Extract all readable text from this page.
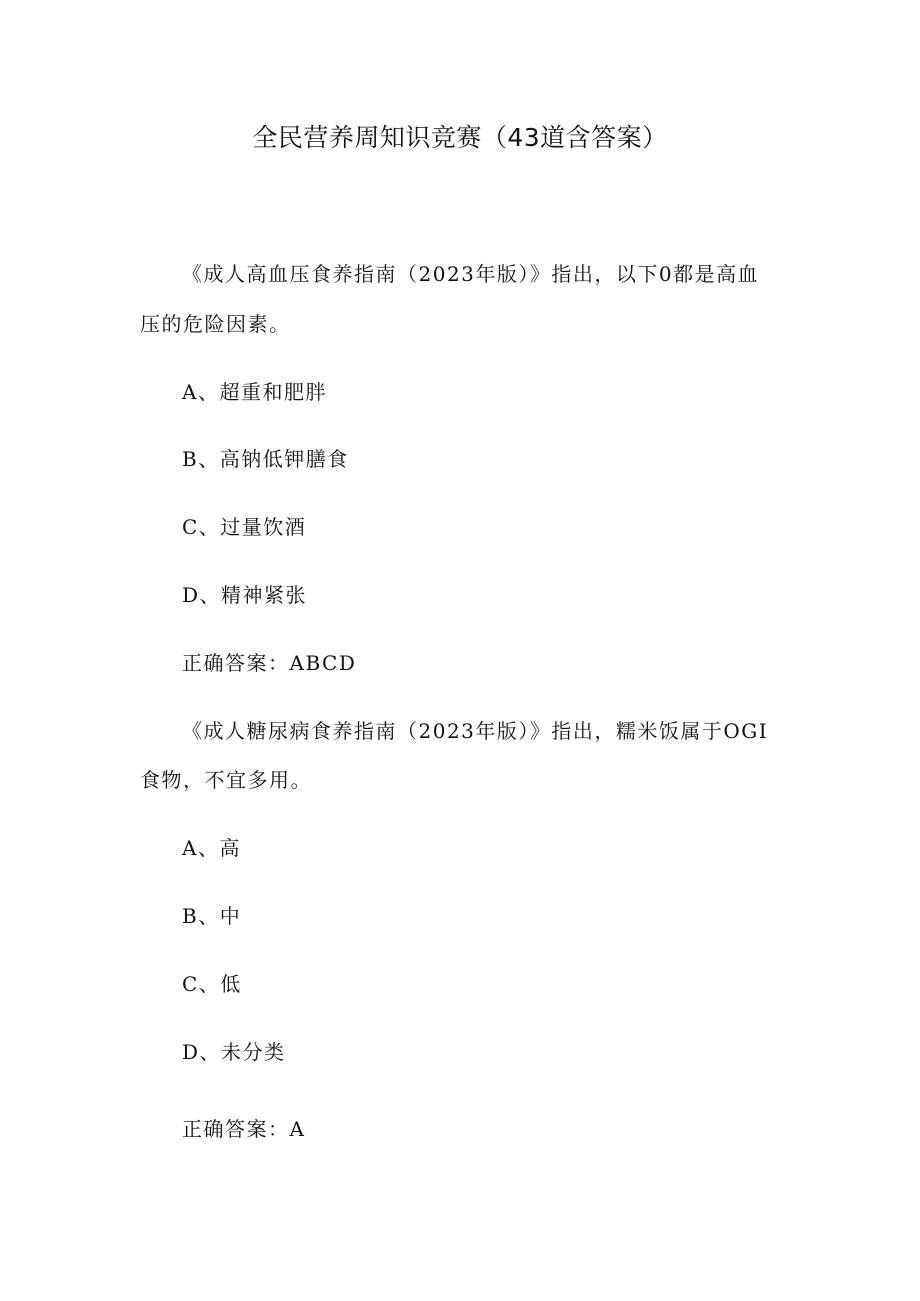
全民营养周知识竞赛（43道含答案）
《成人高血压食养指南（2023年版）》指出，以下0都是高血
压的危险因素。
A、超重和肥胖
B、高钠低钾膳食
C、过量饮酒
D、精神紧张
正确答案：ABCD
《成人糖尿病食养指南（2023年版）》指出，糯米饭属于OGI
食物，不宜多用。
A、高
B、中
C、低
D、未分类
正确答案：A
